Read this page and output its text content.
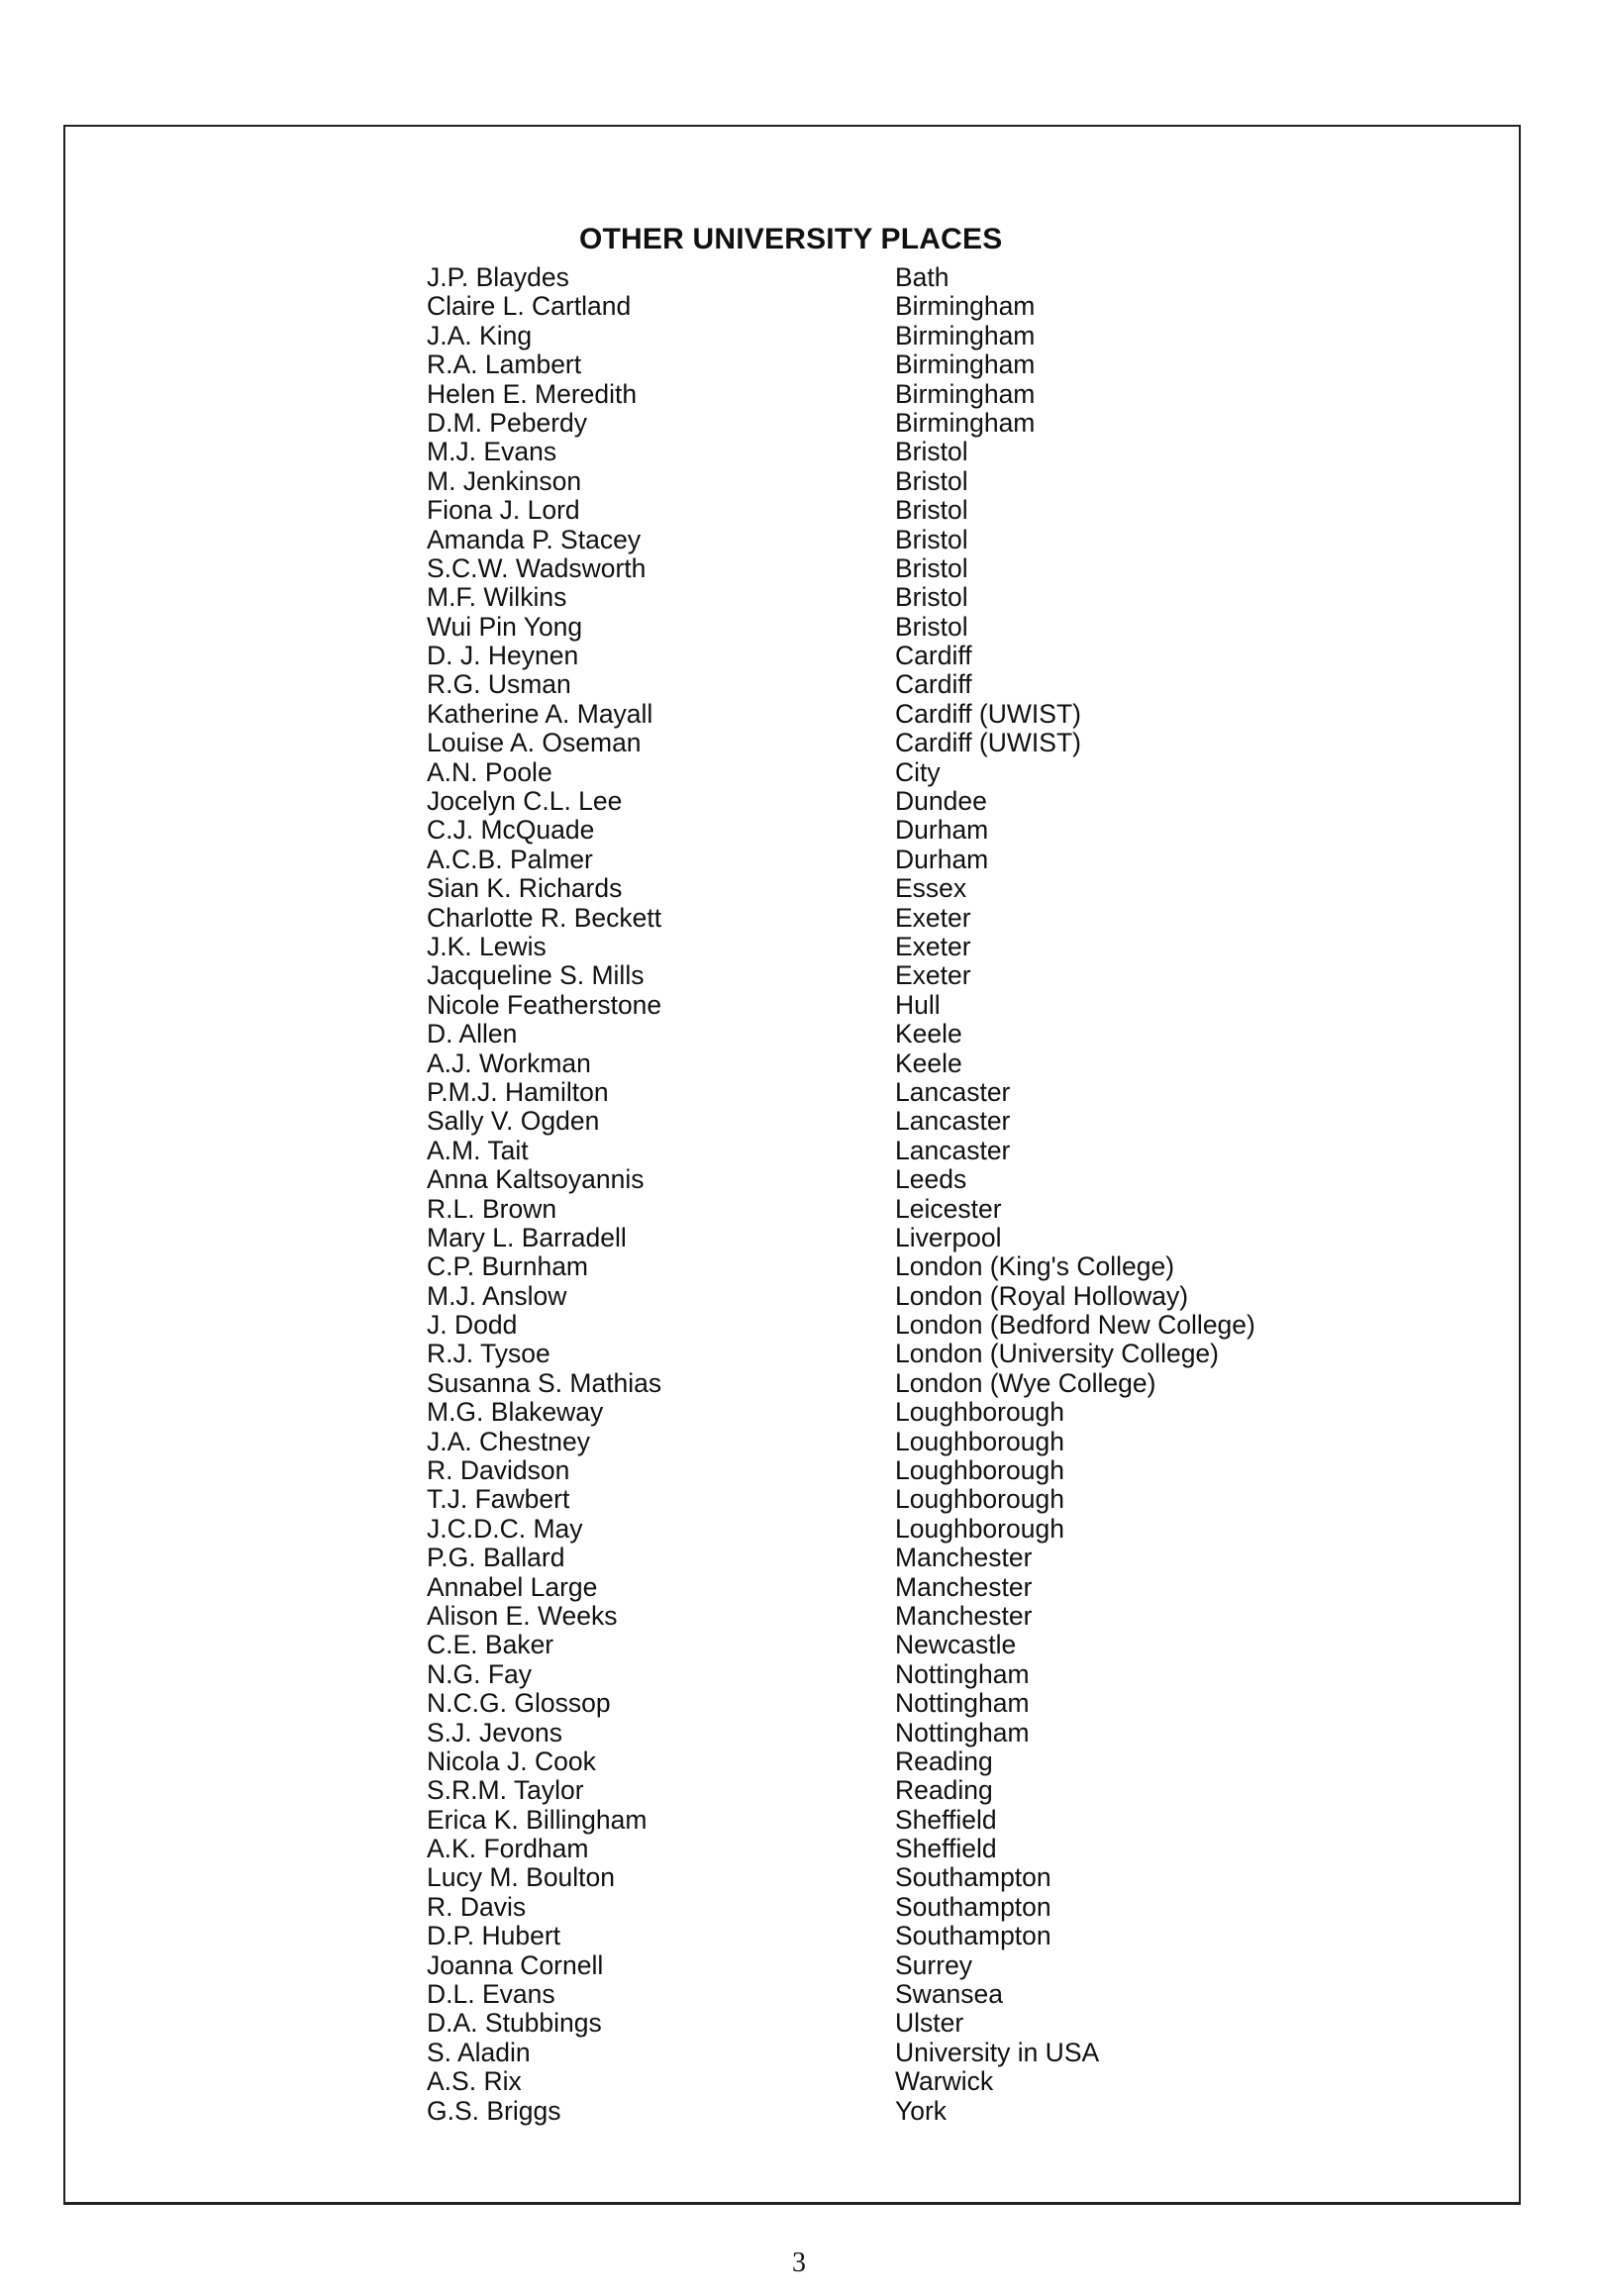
OTHER UNIVERSITY PLACES
J.P. Blaydes	Bath
Claire L. Cartland	Birmingham
J.A. King	Birmingham
R.A. Lambert	Birmingham
Helen E. Meredith	Birmingham
D.M. Peberdy	Birmingham
M.J. Evans	Bristol
M. Jenkinson	Bristol
Fiona J. Lord	Bristol
Amanda P. Stacey	Bristol
S.C.W. Wadsworth	Bristol
M.F. Wilkins	Bristol
Wui Pin Yong	Bristol
D. J. Heynen	Cardiff
R.G. Usman	Cardiff
Katherine A. Mayall	Cardiff (UWIST)
Louise A. Oseman	Cardiff (UWIST)
A.N. Poole	City
Jocelyn C.L. Lee	Dundee
C.J. McQuade	Durham
A.C.B. Palmer	Durham
Sian K. Richards	Essex
Charlotte R. Beckett	Exeter
J.K. Lewis	Exeter
Jacqueline S. Mills	Exeter
Nicole Featherstone	Hull
D. Allen	Keele
A.J. Workman	Keele
P.M.J. Hamilton	Lancaster
Sally V. Ogden	Lancaster
A.M. Tait	Lancaster
Anna Kaltsoyannis	Leeds
R.L. Brown	Leicester
Mary L. Barradell	Liverpool
C.P. Burnham	London (King's College)
M.J. Anslow	London (Royal Holloway)
J. Dodd	London (Bedford New College)
R.J. Tysoe	London (University College)
Susanna S. Mathias	London (Wye College)
M.G. Blakeway	Loughborough
J.A. Chestney	Loughborough
R. Davidson	Loughborough
T.J. Fawbert	Loughborough
J.C.D.C. May	Loughborough
P.G. Ballard	Manchester
Annabel Large	Manchester
Alison E. Weeks	Manchester
C.E. Baker	Newcastle
N.G. Fay	Nottingham
N.C.G. Glossop	Nottingham
S.J. Jevons	Nottingham
Nicola J. Cook	Reading
S.R.M. Taylor	Reading
Erica K. Billingham	Sheffield
A.K. Fordham	Sheffield
Lucy M. Boulton	Southampton
R. Davis	Southampton
D.P. Hubert	Southampton
Joanna Cornell	Surrey
D.L. Evans	Swansea
D.A. Stubbings	Ulster
S. Aladin	University in USA
A.S. Rix	Warwick
G.S. Briggs	York
3
